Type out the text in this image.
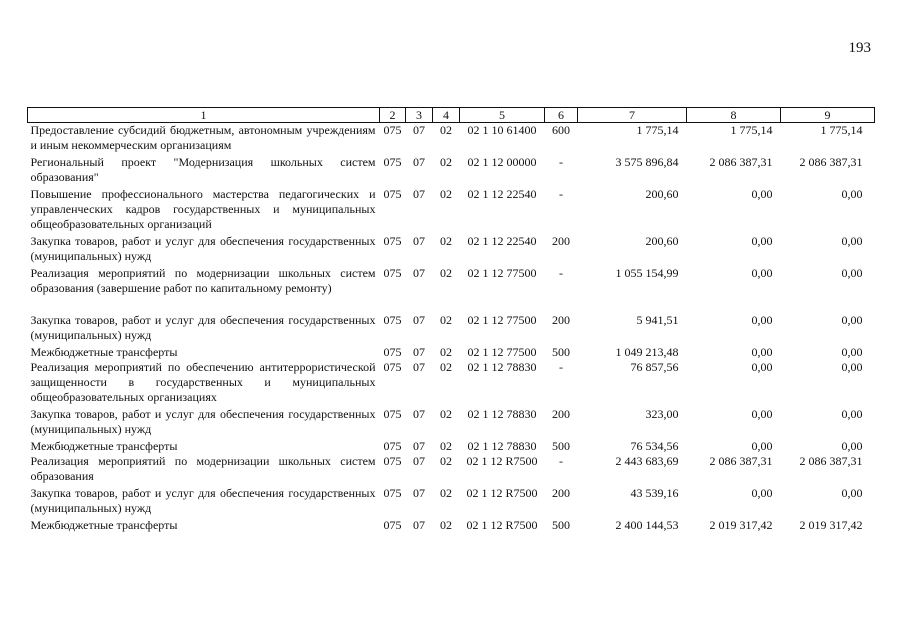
193
1	2	3	4	5	6	7	8	9
Предоставление субсидий бюджетным, автономным учреждениям и иным некоммерческим организациям	075	07	02	02 1 10 61400	600	1 775,14	1 775,14	1 775,14
Региональный проект "Модернизация школьных систем образования"	075	07	02	02 1 12 00000	-	3 575 896,84	2 086 387,31	2 086 387,31
Повышение профессионального мастерства педагогических и управленческих кадров государственных и муниципальных общеобразовательных организаций	075	07	02	02 1 12 22540	-	200,60	0,00	0,00
Закупка товаров, работ и услуг для обеспечения государственных (муниципальных) нужд	075	07	02	02 1 12 22540	200	200,60	0,00	0,00
Реализация мероприятий по модернизации школьных систем образования (завершение работ по капитальному ремонту)	075	07	02	02 1 12 77500	-	1 055 154,99	0,00	0,00
Закупка товаров, работ и услуг для обеспечения государственных (муниципальных) нужд	075	07	02	02 1 12 77500	200	5 941,51	0,00	0,00
Межбюджетные трансферты	075	07	02	02 1 12 77500	500	1 049 213,48	0,00	0,00
Реализация мероприятий по обеспечению антитеррористической защищенности в государственных и муниципальных общеобразовательных организациях	075	07	02	02 1 12 78830	-	76 857,56	0,00	0,00
Закупка товаров, работ и услуг для обеспечения государственных (муниципальных) нужд	075	07	02	02 1 12 78830	200	323,00	0,00	0,00
Межбюджетные трансферты	075	07	02	02 1 12 78830	500	76 534,56	0,00	0,00
Реализация мероприятий по модернизации школьных систем образования	075	07	02	02 1 12 R7500	-	2 443 683,69	2 086 387,31	2 086 387,31
Закупка товаров, работ и услуг для обеспечения государственных (муниципальных) нужд	075	07	02	02 1 12 R7500	200	43 539,16	0,00	0,00
Межбюджетные трансферты	075	07	02	02 1 12 R7500	500	2 400 144,53	2 019 317,42	2 019 317,42
